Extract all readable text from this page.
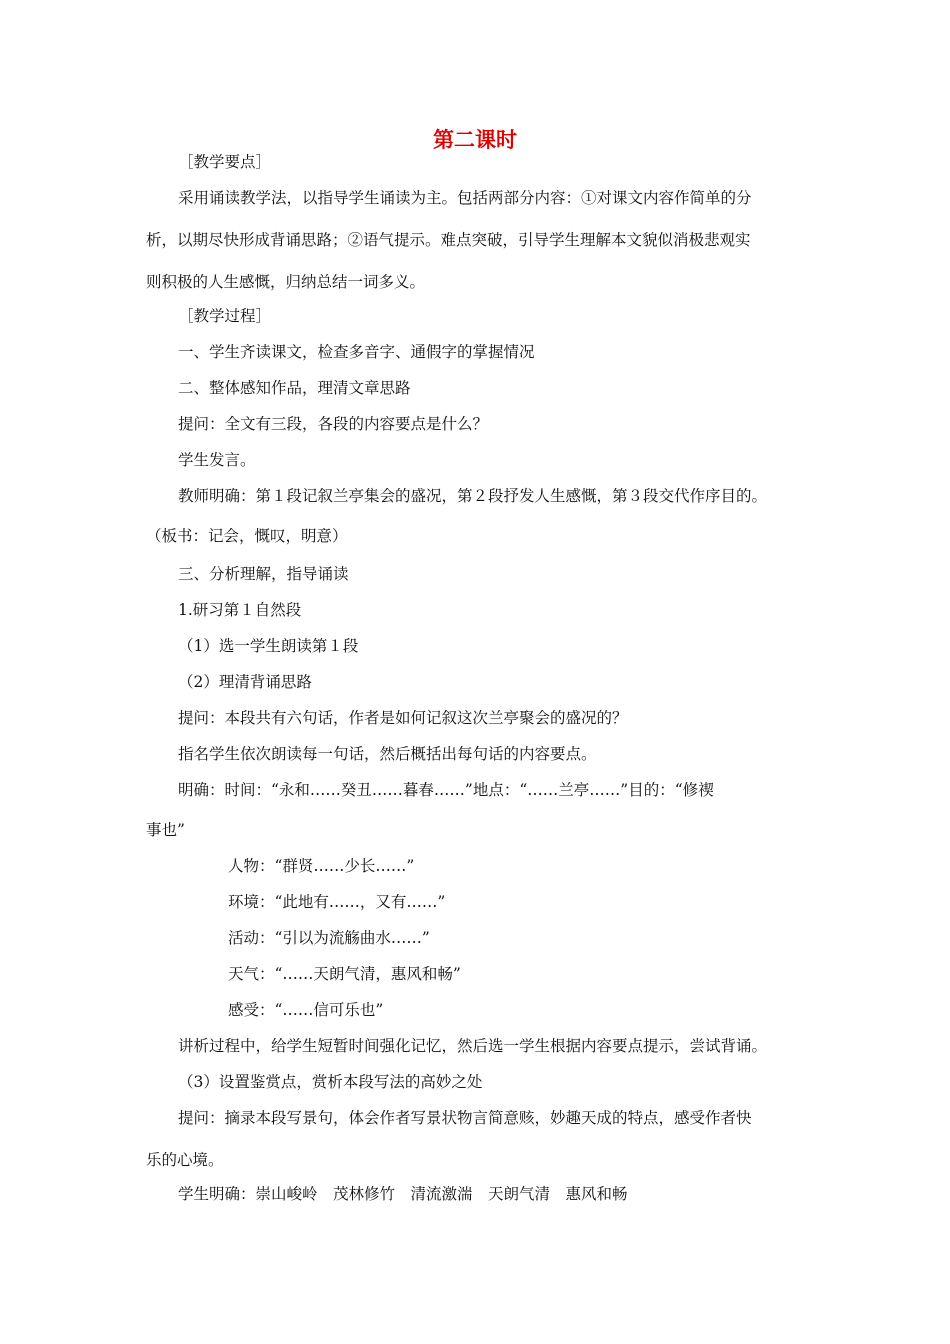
第二课时
［教学要点］
采用诵读教学法，以指导学生诵读为主。包括两部分内容：①对课文内容作简单的分
析，以期尽快形成背诵思路；②语气提示。难点突破，引导学生理解本文貌似消极悲观实
则积极的人生感慨，归纳总结一词多义。
［教学过程］
一、学生齐读课文，检查多音字、通假字的掌握情况
二、整体感知作品，理清文章思路
提问：全文有三段，各段的内容要点是什么？
学生发言。
教师明确：第１段记叙兰亭集会的盛况，第２段抒发人生感慨，第３段交代作序目的。
（板书：记会，慨叹，明意）
三、分析理解，指导诵读
1.研习第１自然段
（1）选一学生朗读第１段
（2）理清背诵思路
提问：本段共有六句话，作者是如何记叙这次兰亭聚会的盛况的？
指名学生依次朗读每一句话，然后概括出每句话的内容要点。
明确：时间：“永和……癸丑……暮春……”地点：“……兰亭……”目的：“修禊
事也”
人物：“群贤……少长……”
环境：“此地有……，又有……”
活动：“引以为流觞曲水……”
天气：“……天朗气清，惠风和畅”
感受：“……信可乐也”
讲析过程中，给学生短暂时间强化记忆，然后选一学生根据内容要点提示，尝试背诵。
（3）设置鉴赏点，赏析本段写法的高妙之处
提问：摘录本段写景句，体会作者写景状物言简意赅，妙趣天成的特点，感受作者快
乐的心境。
学生明确：崇山峻岭　茂林修竹　清流激湍　天朗气清　惠风和畅
